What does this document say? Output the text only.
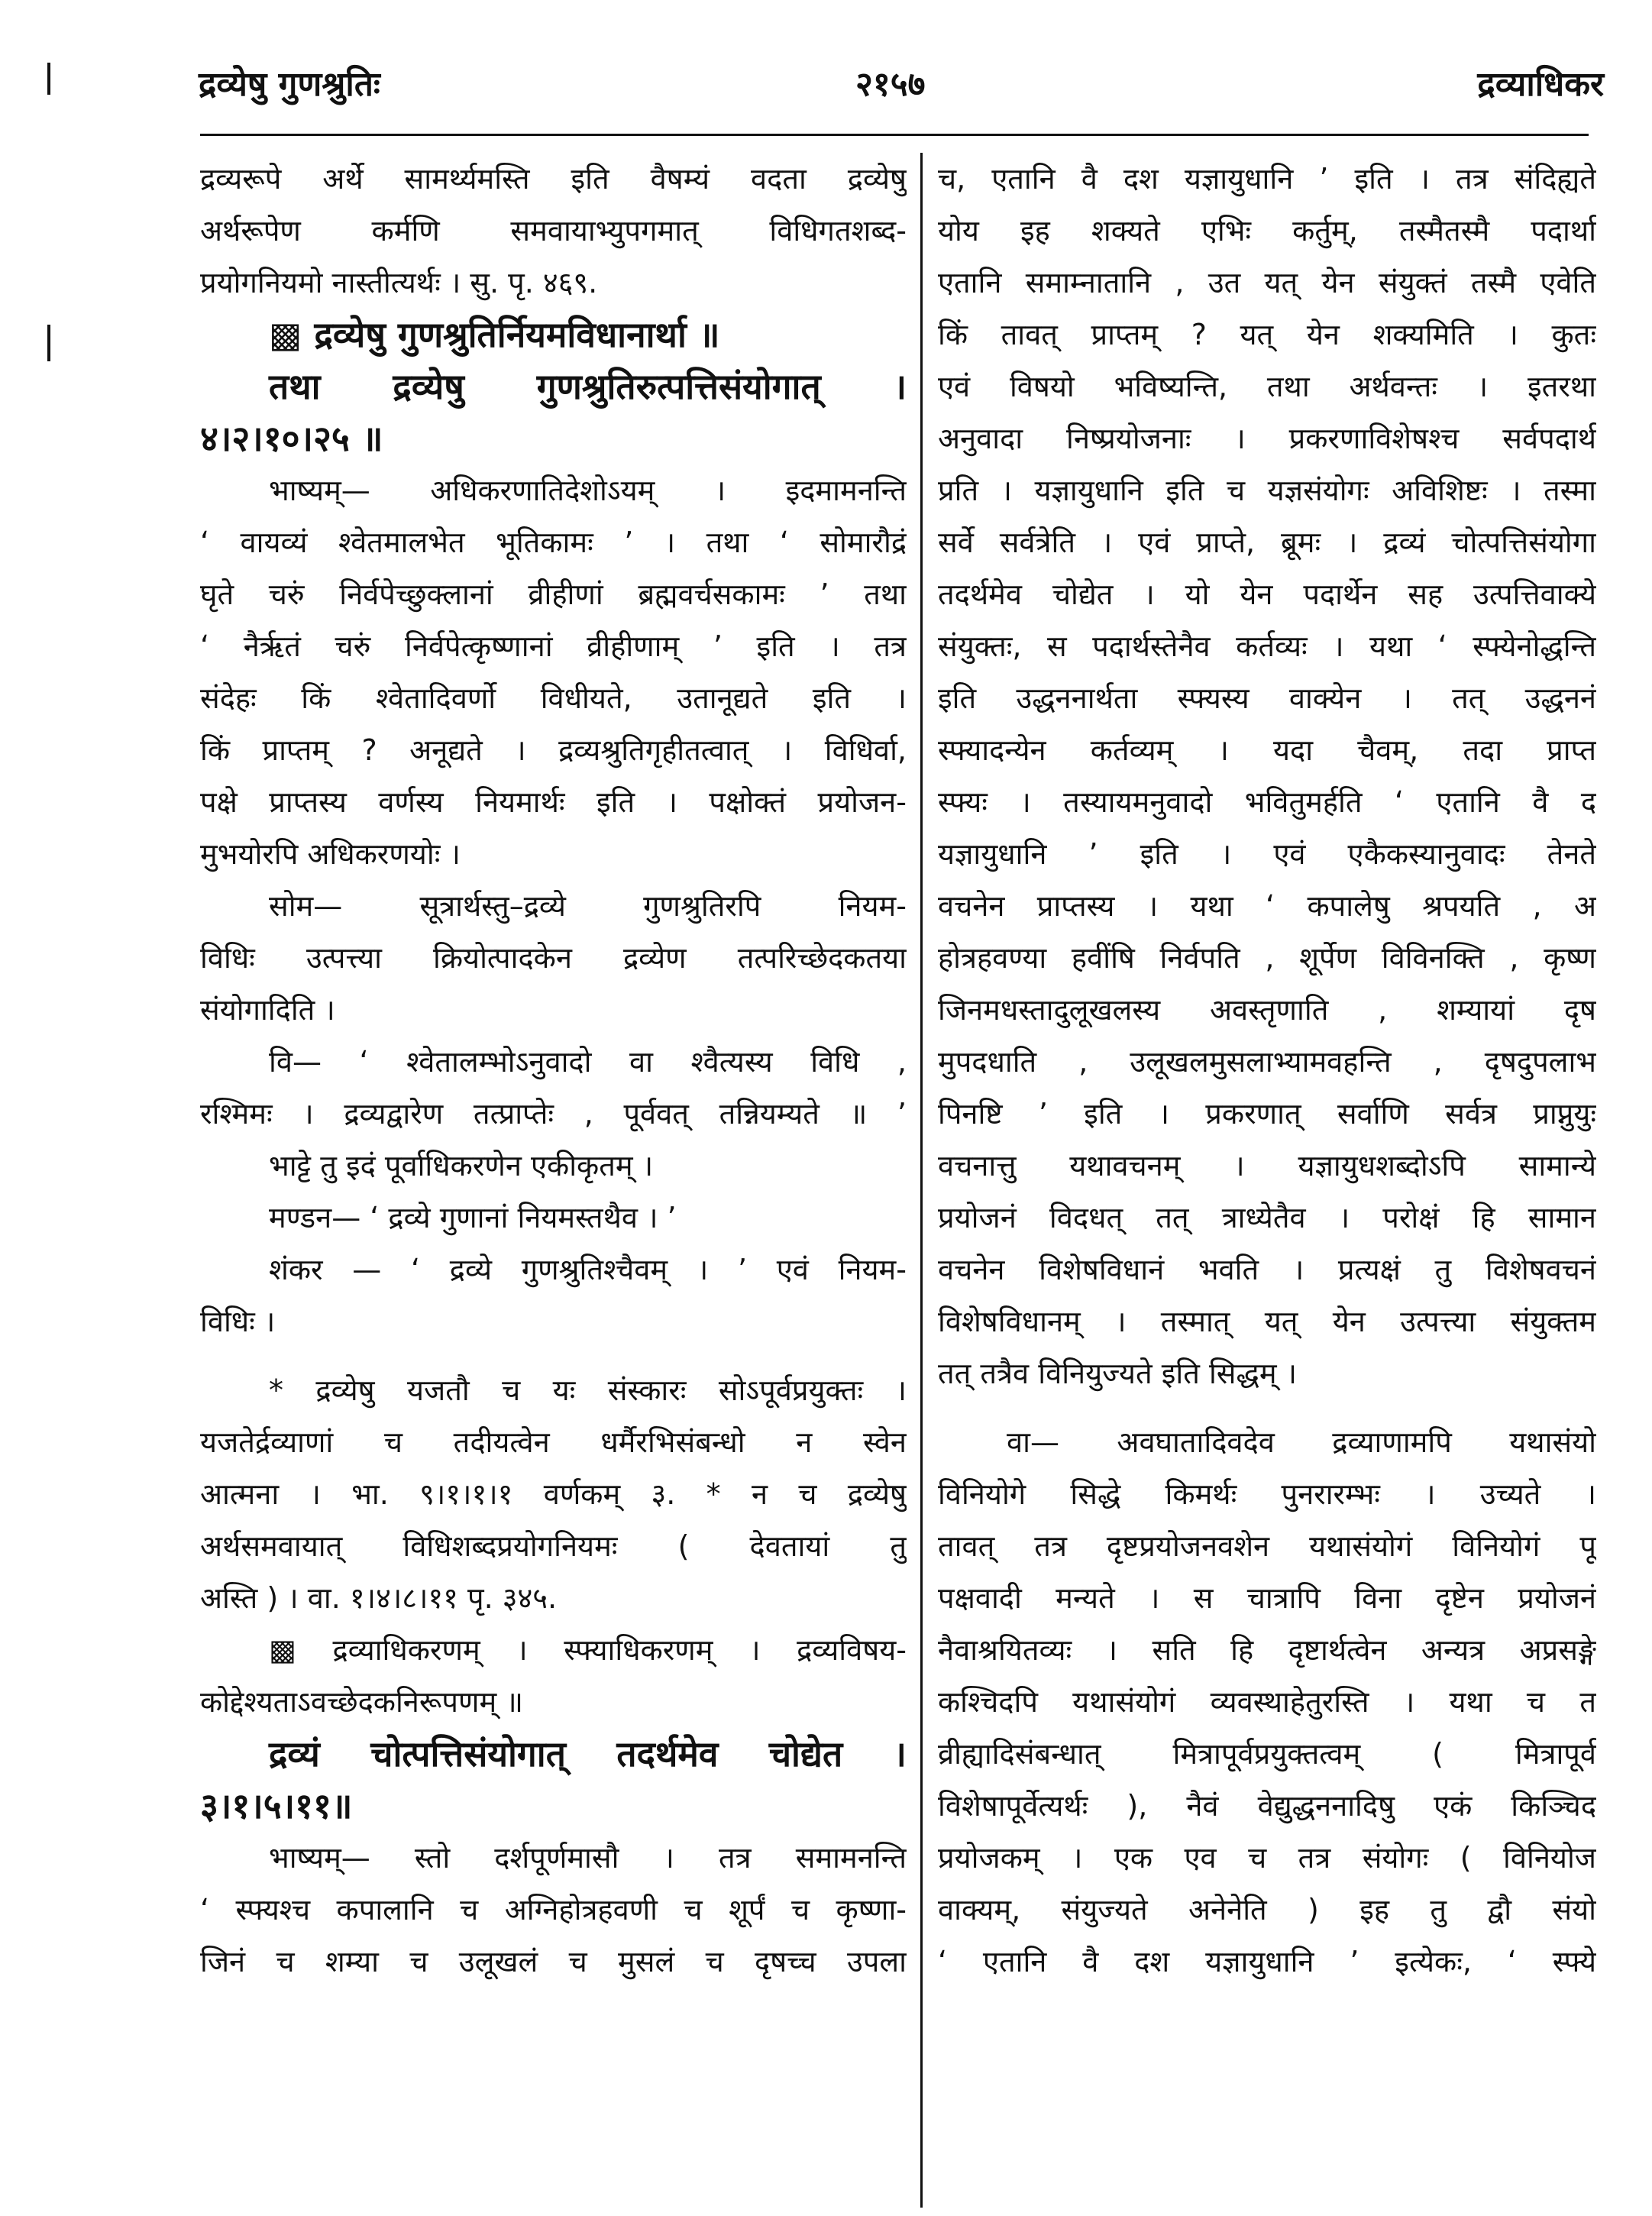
द्रव्येषु गुणश्रुतिः	२१५७	द्रव्याधिकर
द्रव्यरूपे अर्थे सामर्थ्यमस्ति इति वैषम्यं वदता द्रव्येषु
अर्थरूपेण कर्मणि समवायाभ्युपगमात् विधिगतशब्द-
प्रयोगनियमो नास्तीत्यर्थः । सु. पृ. ४६९.
▩ द्रव्येषु गुणश्रुतिर्नियमविधानार्था ॥
तथा द्रव्येषु गुणश्रुतिरुत्पत्तिसंयोगात् ।
४।२।१०।२५ ॥
भाष्यम्— अधिकरणातिदेशोऽयम् । इदमामनन्ति
‘ वायव्यं श्वेतमालभेत भूतिकामः ’ । तथा ‘ सोमारौद्रं
घृते चरुं निर्वपेच्छुक्लानां व्रीहीणां ब्रह्मवर्चसकामः ’ तथा
‘ नैर्ऋतं चरुं निर्वपेत्कृष्णानां व्रीहीणाम् ’ इति । तत्र
संदेहः किं श्वेतादिवर्णो विधीयते, उतानूद्यते इति ।
किं प्राप्तम् ? अनूद्यते । द्रव्यश्रुतिगृहीतत्वात् । विधिर्वा,
पक्षे प्राप्तस्य वर्णस्य नियमार्थः इति । पक्षोक्तं प्रयोजन-
मुभयोरपि अधिकरणयोः ।
सोम— सूत्रार्थस्तु–द्रव्ये गुणश्रुतिरपि नियम-
विधिः उत्पत्त्या क्रियोत्पादकेन द्रव्येण तत्परिच्छेदकतया
संयोगादिति ।
वि— ‘ श्वेतालम्भोऽनुवादो वा श्वैत्यस्य विधि ,
रश्मिमः । द्रव्यद्वारेण तत्प्राप्तेः , पूर्ववत् तन्नियम्यते ॥ ’
भाट्टे तु इदं पूर्वाधिकरणेन एकीकृतम् ।
मण्डन— ‘ द्रव्ये गुणानां नियमस्तथैव । ’
शंकर — ‘ द्रव्ये गुणश्रुतिश्चैवम् । ’ एवं नियम-
विधिः ।
* द्रव्येषु यजतौ च यः संस्कारः सोऽपूर्वप्रयुक्तः ।
यजतेर्द्रव्याणां च तदीयत्वेन धर्मैरभिसंबन्धो न स्वेन
आत्मना । भा. ९।१।१।१ वर्णकम् ३. * न च द्रव्येषु
अर्थसमवायात् विधिशब्दप्रयोगनियमः ( देवतायां तु
अस्ति ) । वा. १।४।८।११ पृ. ३४५.
▩ द्रव्याधिकरणम् । स्फ्याधिकरणम् । द्रव्यविषय-
कोद्देश्यताऽवच्छेदकनिरूपणम् ॥
द्रव्यं चोत्पत्तिसंयोगात् तदर्थमेव चोद्येत ।
३।१।५।११॥
भाष्यम्— स्तो दर्शपूर्णमासौ । तत्र समामनन्ति
‘ स्फ्यश्च कपालानि च अग्निहोत्रहवणी च शूर्पं च कृष्णा-
जिनं च शम्या च उलूखलं च मुसलं च दृषच्च उपला
च, एतानि वै दश यज्ञायुधानि ’ इति । तत्र संदिह्यते
योय इह शक्यते एभिः कर्तुम्, तस्मैतस्मै पदार्था
एतानि समाम्नातानि , उत यत् येन संयुक्तं तस्मै एवेति
किं तावत् प्राप्तम् ? यत् येन शक्यमिति । कुतः
एवं विषयो भविष्यन्ति, तथा अर्थवन्तः । इतरथा
अनुवादा निष्प्रयोजनाः । प्रकरणाविशेषश्च सर्वपदार्थ
प्रति । यज्ञायुधानि इति च यज्ञसंयोगः अविशिष्टः । तस्मा
सर्वे सर्वत्रेति । एवं प्राप्ते, ब्रूमः । द्रव्यं चोत्पत्तिसंयोगा
तदर्थमेव चोद्येत । यो येन पदार्थेन सह उत्पत्तिवाक्ये
संयुक्तः, स पदार्थस्तेनैव कर्तव्यः । यथा ‘ स्फ्येनोद्धन्ति
इति उद्धननार्थता स्फ्यस्य वाक्येन । तत् उद्धननं
स्फ्यादन्येन कर्तव्यम् । यदा चैवम्, तदा प्राप्त
स्फ्यः । तस्यायमनुवादो भवितुमर्हति ‘ एतानि वै द
यज्ञायुधानि ’ इति । एवं एकैकस्यानुवादः तेनते
वचनेन प्राप्तस्य । यथा ‘ कपालेषु श्रपयति , अ
होत्रहवण्या हवींषि निर्वपति , शूर्पेण विविनक्ति , कृष्ण
जिनमधस्तादुलूखलस्य अवस्तृणाति , शम्यायां दृष
मुपदधाति , उलूखलमुसलाभ्यामवहन्ति , दृषदुपलाभ
पिनष्टि ’ इति । प्रकरणात् सर्वाणि सर्वत्र प्राप्नुयुः
वचनात्तु यथावचनम् । यज्ञायुधशब्दोऽपि सामान्ये
प्रयोजनं विदधत् तत् त्राध्येतैव । परोक्षं हि सामान
वचनेन विशेषविधानं भवति । प्रत्यक्षं तु विशेषवचनं
विशेषविधानम् । तस्मात् यत् येन उत्पत्त्या संयुक्तम
तत् तत्रैव विनियुज्यते इति सिद्धम् ।
वा— अवघातादिवदेव द्रव्याणामपि यथासंयो
विनियोगे सिद्धे किमर्थः पुनरारम्भः । उच्यते ।
तावत् तत्र दृष्टप्रयोजनवशेन यथासंयोगं विनियोगं पू
पक्षवादी मन्यते । स चात्रापि विना दृष्टेन प्रयोजनं
नैवाश्रयितव्यः । सति हि दृष्टार्थत्वेन अन्यत्र अप्रसङ्गे
कश्चिदपि यथासंयोगं व्यवस्थाहेतुरस्ति । यथा च त
व्रीह्यादिसंबन्धात् मित्रापूर्वप्रयुक्तत्वम् ( मित्रापूर्व
विशेषापूर्वेत्यर्थः ), नैवं वेद्युद्धननादिषु एकं किञ्चिद
प्रयोजकम् । एक एव च तत्र संयोगः ( विनियोज
वाक्यम्, संयुज्यते अनेनेति ) इह तु द्वौ संयो
‘ एतानि वै दश यज्ञायुधानि ’ इत्येकः, ‘ स्फ्ये
